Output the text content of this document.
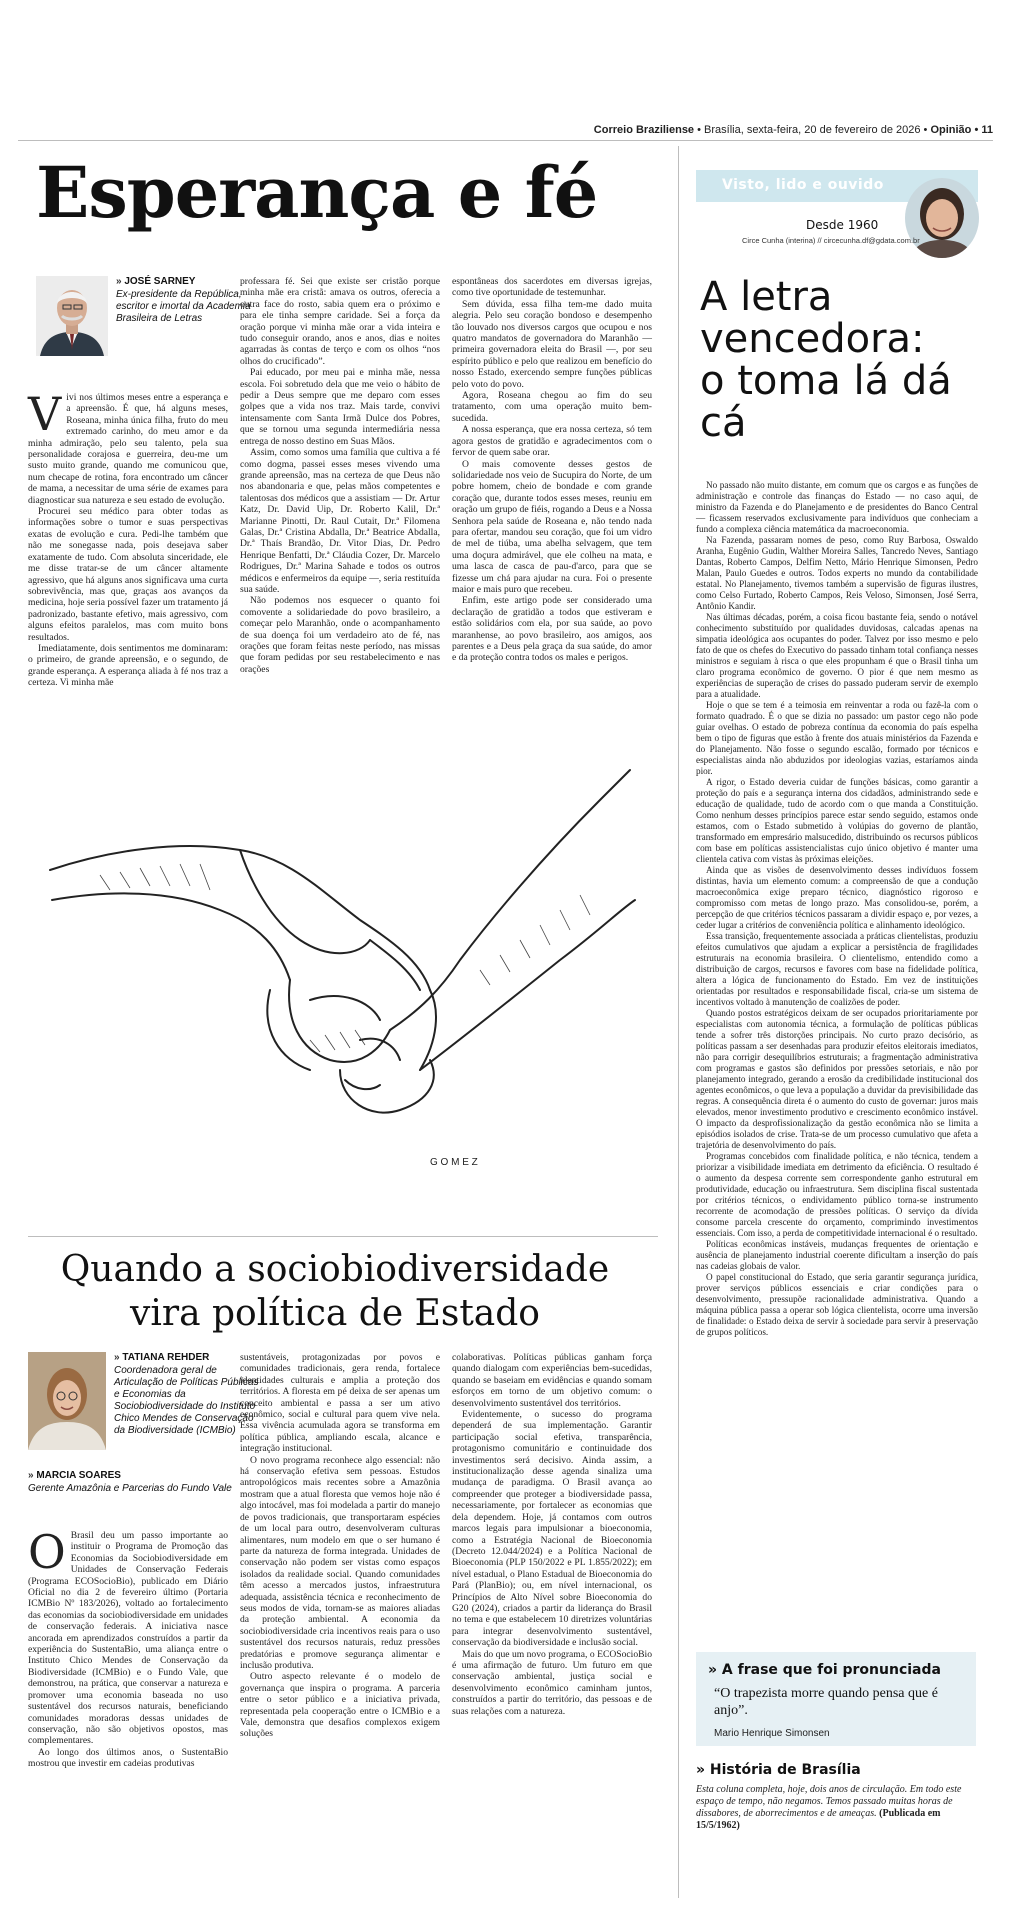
Correio Braziliense • Brasília, sexta-feira, 20 de fevereiro de 2026 • Opinião • 11
Esperança e fé
» JOSÉ SARNEY
Ex-presidente da República, escritor e imortal da Academia Brasileira de Letras
V ivi nos últimos meses entre a esperança e a apreensão. É que, há alguns meses, Roseana, minha única filha, fruto do meu extremado carinho, do meu amor e da minha admiração, pelo seu talento, pela sua personalidade corajosa e guerreira, deu-me um susto muito grande, quando me comunicou que, num checape de rotina, fora encontrado um câncer de mama, a necessitar de uma série de exames para diagnosticar sua natureza e seu estado de evolução.

Procurei seu médico para obter todas as informações sobre o tumor e suas perspectivas exatas de evolução e cura. Pedi-lhe também que não me sonegasse nada, pois desejava saber exatamente de tudo. Com absoluta sinceridade, ele me disse tratar-se de um câncer altamente agressivo, que há alguns anos significava uma curta sobrevivência, mas que, graças aos avanços da medicina, hoje seria possível fazer um tratamento já padronizado, bastante efetivo, mais agressivo, com alguns efeitos paralelos, mas com muito bons resultados.

Imediatamente, dois sentimentos me dominaram: o primeiro, de grande apreensão, e o segundo, de grande esperança. A esperança aliada à fé nos traz a certeza. Vi minha mãe

professara fé. Sei que existe ser cristão porque minha mãe era cristã: amava os outros, oferecia a outra face do rosto, sabia quem era o próximo e para ele tinha sempre caridade. Sei a força da oração porque vi minha mãe orar a vida inteira e tudo conseguir orando, anos e anos, dias e noites agarradas às contas de terço e com os olhos “nos olhos do crucificado”.

Pai educado, por meu pai e minha mãe, nessa escola. Foi sobretudo dela que me veio o hábito de pedir a Deus sempre que me deparo com esses golpes que a vida nos traz. Mais tarde, convivi intensamente com Santa Irmã Dulce dos Pobres, que se tornou uma segunda intermediária nessa entrega de nosso destino em Suas Mãos.

Assim, como somos uma família que cultiva a fé como dogma, passei esses meses vivendo uma grande apreensão, mas na certeza de que Deus não nos abandonaria e que, pelas mãos competentes e talentosas dos médicos que a assistiam — Dr. Artur Katz, Dr. David Uip, Dr. Roberto Kalil, Dr.ª Marianne Pinotti, Dr. Raul Cutait, Dr.ª Filomena Galas, Dr.ª Cristina Abdalla, Dr.ª Beatrice Abdalla, Dr.ª Thaís Brandão, Dr. Vitor Dias, Dr. Pedro Henrique Benfatti, Dr.ª Cláudia Cozer, Dr. Marcelo Rodrigues, Dr.ª Marina Sahade e todos os outros médicos e enfermeiros da equipe —, seria restituída sua saúde.

Não podemos nos esquecer o quanto foi comovente a solidariedade do povo brasileiro, a começar pelo Maranhão, onde o acompanhamento de sua doença foi um verdadeiro ato de fé, nas orações que foram feitas neste período, nas missas que foram pedidas por seu restabelecimento e nas orações

espontâneas dos sacerdotes em diversas igrejas, como tive oportunidade de testemunhar.

Sem dúvida, essa filha tem-me dado muita alegria. Pelo seu coração bondoso e desempenho tão louvado nos diversos cargos que ocupou e nos quatro mandatos de governadora do Maranhão — primeira governadora eleita do Brasil —, por seu espírito público e pelo que realizou em benefício do nosso Estado, exercendo sempre funções públicas pelo voto do povo.

Agora, Roseana chegou ao fim do seu tratamento, com uma operação muito bem-sucedida.

A nossa esperança, que era nossa certeza, só tem agora gestos de gratidão e agradecimentos com o fervor de quem sabe orar.

O mais comovente desses gestos de solidariedade nos veio de Sucupira do Norte, de um pobre homem, cheio de bondade e com grande coração que, durante todos esses meses, reuniu em oração um grupo de fiéis, rogando a Deus e a Nossa Senhora pela saúde de Roseana e, não tendo nada para ofertar, mandou seu coração, que foi um vidro de mel de tiúba, uma abelha selvagem, que tem uma doçura admirável, que ele colheu na mata, e uma lasca de casca de pau-d'arco, para que se fizesse um chá para ajudar na cura. Foi o presente maior e mais puro que recebeu.

Enfim, este artigo pode ser considerado uma declaração de gratidão a todos que estiveram e estão solidários com ela, por sua saúde, ao povo maranhense, ao povo brasileiro, aos amigos, aos parentes e a Deus pela graça da sua saúde, do amor e da proteção contra todos os males e perigos.

G O M E Z
Quando a sociobiodiversidade vira política de Estado
» TATIANA REHDER
Coordenadora geral de Articulação de Políticas Públicas e Economias da Sociobiodiversidade do Instituto Chico Mendes de Conservação da Biodiversidade (ICMBio)
» MARCIA SOARES
Gerente Amazônia e Parcerias do Fundo Vale
O Brasil deu um passo importante ao instituir o Programa de Promoção das Economias da Sociobiodiversidade em Unidades de Conservação Federais (Programa ECOSocioBio), publicado em Diário Oficial no dia 2 de fevereiro último (Portaria ICMBio Nº 183/2026), voltado ao fortalecimento das economias da sociobiodiversidade em unidades de conservação federais. A iniciativa nasce ancorada em aprendizados construídos a partir da experiência do SustentaBio, uma aliança entre o Instituto Chico Mendes de Conservação da Biodiversidade (ICMBio) e o Fundo Vale, que demonstrou, na prática, que conservar a natureza e promover uma economia baseada no uso sustentável dos recursos naturais, beneficiando comunidades moradoras dessas unidades de conservação, não são objetivos opostos, mas complementares.

Ao longo dos últimos anos, o SustentaBio mostrou que investir em cadeias produtivas

sustentáveis, protagonizadas por povos e comunidades tradicionais, gera renda, fortalece identidades culturais e amplia a proteção dos territórios. A floresta em pé deixa de ser apenas um conceito ambiental e passa a ser um ativo econômico, social e cultural para quem vive nela. Essa vivência acumulada agora se transforma em política pública, ampliando escala, alcance e integração institucional.

O novo programa reconhece algo essencial: não há conservação efetiva sem pessoas. Estudos antropológicos mais recentes sobre a Amazônia mostram que a atual floresta que vemos hoje não é algo intocável, mas foi modelada a partir do manejo de povos tradicionais, que transportaram espécies de um local para outro, desenvolveram culturas alimentares, num modelo em que o ser humano é parte da natureza de forma integrada. Unidades de conservação não podem ser vistas como espaços isolados da realidade social. Quando comunidades têm acesso a mercados justos, infraestrutura adequada, assistência técnica e reconhecimento de seus modos de vida, tornam-se as maiores aliadas da proteção ambiental. A economia da sociobiodiversidade cria incentivos reais para o uso sustentável dos recursos naturais, reduz pressões predatórias e promove segurança alimentar e inclusão produtiva.

Outro aspecto relevante é o modelo de governança que inspira o programa. A parceria entre o setor público e a iniciativa privada, representada pela cooperação entre o ICMBio e a Vale, demonstra que desafios complexos exigem soluções

colaborativas. Políticas públicas ganham força quando dialogam com experiências bem-sucedidas, quando se baseiam em evidências e quando somam esforços em torno de um objetivo comum: o desenvolvimento sustentável dos territórios.

Evidentemente, o sucesso do programa dependerá de sua implementação. Garantir participação social efetiva, transparência, protagonismo comunitário e continuidade dos investimentos será decisivo. Ainda assim, a institucionalização desse agenda sinaliza uma mudança de paradigma. O Brasil avança ao compreender que proteger a biodiversidade passa, necessariamente, por fortalecer as economias que dela dependem. Hoje, já contamos com outros marcos legais para impulsionar a bioeconomia, como a Estratégia Nacional de Bioeconomia (Decreto 12.044/2024) e a Política Nacional de Bioeconomia (PLP 150/2022 e PL 1.855/2022); em nível estadual, o Plano Estadual de Bioeconomia do Pará (PlanBio); ou, em nível internacional, os Princípios de Alto Nível sobre Bioeconomia do G20 (2024), criados a partir da liderança do Brasil no tema e que estabelecem 10 diretrizes voluntárias para integrar desenvolvimento sustentável, conservação da biodiversidade e inclusão social.

Mais do que um novo programa, o ECOSocioBio é uma afirmação de futuro. Um futuro em que conservação ambiental, justiça social e desenvolvimento econômico caminham juntos, construídos a partir do território, das pessoas e de suas relações com a natureza.

Visto, lido e ouvido
Desde 1960
Circe Cunha (interina) // circecunha.df@gdata.com.br
A letra vencedora: o toma lá dá cá

No passado não muito distante, em comum que os cargos e as funções de administração e controle das finanças do Estado — no caso aqui, de ministro da Fazenda e do Planejamento e de presidentes do Banco Central — ficassem reservados exclusivamente para indivíduos que conheciam a fundo a complexa ciência matemática da macroeconomia.

Na Fazenda, passaram nomes de peso, como Ruy Barbosa, Oswaldo Aranha, Eugênio Gudin, Walther Moreira Salles, Tancredo Neves, Santiago Dantas, Roberto Campos, Delfim Netto, Mário Henrique Simonsen, Pedro Malan, Paulo Guedes e outros. Todos experts no mundo da contabilidade estatal. No Planejamento, tivemos também a supervisão de figuras ilustres, como Celso Furtado, Roberto Campos, Reis Veloso, Simonsen, José Serra, Antônio Kandir.

Nas últimas décadas, porém, a coisa ficou bastante feia, sendo o notável conhecimento substituído por qualidades duvidosas, calcadas apenas na simpatia ideológica aos ocupantes do poder. Talvez por isso mesmo e pelo fato de que os chefes do Executivo do passado tinham total confiança nesses ministros e seguiam à risca o que eles propunham é que o Brasil tinha um claro programa econômico de governo. O pior é que nem mesmo as experiências de superação de crises do passado puderam servir de exemplo para a atualidade.

Hoje o que se tem é a teimosia em reinventar a roda ou fazê-la com o formato quadrado. É o que se dizia no passado: um pastor cego não pode guiar ovelhas. O estado de pobreza contínua da economia do país espelha bem o tipo de figuras que estão à frente dos atuais ministérios da Fazenda e do Planejamento. Não fosse o segundo escalão, formado por técnicos e especialistas ainda não abduzidos por ideologias vazias, estaríamos ainda pior.

A rigor, o Estado deveria cuidar de funções básicas, como garantir a proteção do país e a segurança interna dos cidadãos, administrando sede e educação de qualidade, tudo de acordo com o que manda a Constituição. Como nenhum desses princípios parece estar sendo seguido, estamos onde estamos, com o Estado submetido à volúpias do governo de plantão, transformado em empresário malsucedido, distribuindo os recursos públicos com base em políticas assistencialistas cujo único objetivo é manter uma clientela cativa com vistas às próximas eleições.

Ainda que as visões de desenvolvimento desses indivíduos fossem distintas, havia um elemento comum: a compreensão de que a condução macroeconômica exige preparo técnico, diagnóstico rigoroso e compromisso com metas de longo prazo. Mas consolidou-se, porém, a percepção de que critérios técnicos passaram a dividir espaço e, por vezes, a ceder lugar a critérios de conveniência política e alinhamento ideológico.

Essa transição, frequentemente associada a práticas clientelistas, produziu efeitos cumulativos que ajudam a explicar a persistência de fragilidades estruturais na economia brasileira. O clientelismo, entendido como a distribuição de cargos, recursos e favores com base na fidelidade política, altera a lógica de funcionamento do Estado. Em vez de instituições orientadas por resultados e responsabilidade fiscal, cria-se um sistema de incentivos voltado à manutenção de coalizões de poder.

Quando postos estratégicos deixam de ser ocupados prioritariamente por especialistas com autonomia técnica, a formulação de políticas públicas tende a sofrer três distorções principais. No curto prazo decisório, as políticas passam a ser desenhadas para produzir efeitos eleitorais imediatos, não para corrigir desequilíbrios estruturais; a fragmentação administrativa com programas e gastos são definidos por pressões setoriais, e não por planejamento integrado, gerando a erosão da credibilidade institucional dos agentes econômicos, o que leva a população a duvidar da previsibilidade das regras. A consequência direta é o aumento do custo de governar: juros mais elevados, menor investimento produtivo e crescimento econômico instável. O impacto da desprofissionalização da gestão econômica não se limita a episódios isolados de crise. Trata-se de um processo cumulativo que afeta a trajetória de desenvolvimento do país.

Programas concebidos com finalidade política, e não técnica, tendem a priorizar a visibilidade imediata em detrimento da eficiência. O resultado é o aumento da despesa corrente sem correspondente ganho estrutural em produtividade, educação ou infraestrutura. Sem disciplina fiscal sustentada por critérios técnicos, o endividamento público torna-se instrumento recorrente de acomodação de pressões políticas. O serviço da dívida consome parcela crescente do orçamento, comprimindo investimentos essenciais. Com isso, a perda de competitividade internacional é o resultado.

Políticas econômicas instáveis, mudanças frequentes de orientação e ausência de planejamento industrial coerente dificultam a inserção do país nas cadeias globais de valor.

O papel constitucional do Estado, que seria garantir segurança jurídica, prover serviços públicos essenciais e criar condições para o desenvolvimento, pressupõe racionalidade administrativa. Quando a máquina pública passa a operar sob lógica clientelista, ocorre uma inversão de finalidade: o Estado deixa de servir à sociedade para servir à preservação de grupos políticos.

» A frase que foi pronunciada
“O trapezista morre quando pensa que é anjo”.
Mario Henrique Simonsen
» História de Brasília
Esta coluna completa, hoje, dois anos de circulação. Em todo este espaço de tempo, não negamos. Temos passado muitas horas de dissabores, de aborrecimentos e de ameaças. (Publicada em 15/5/1962)
